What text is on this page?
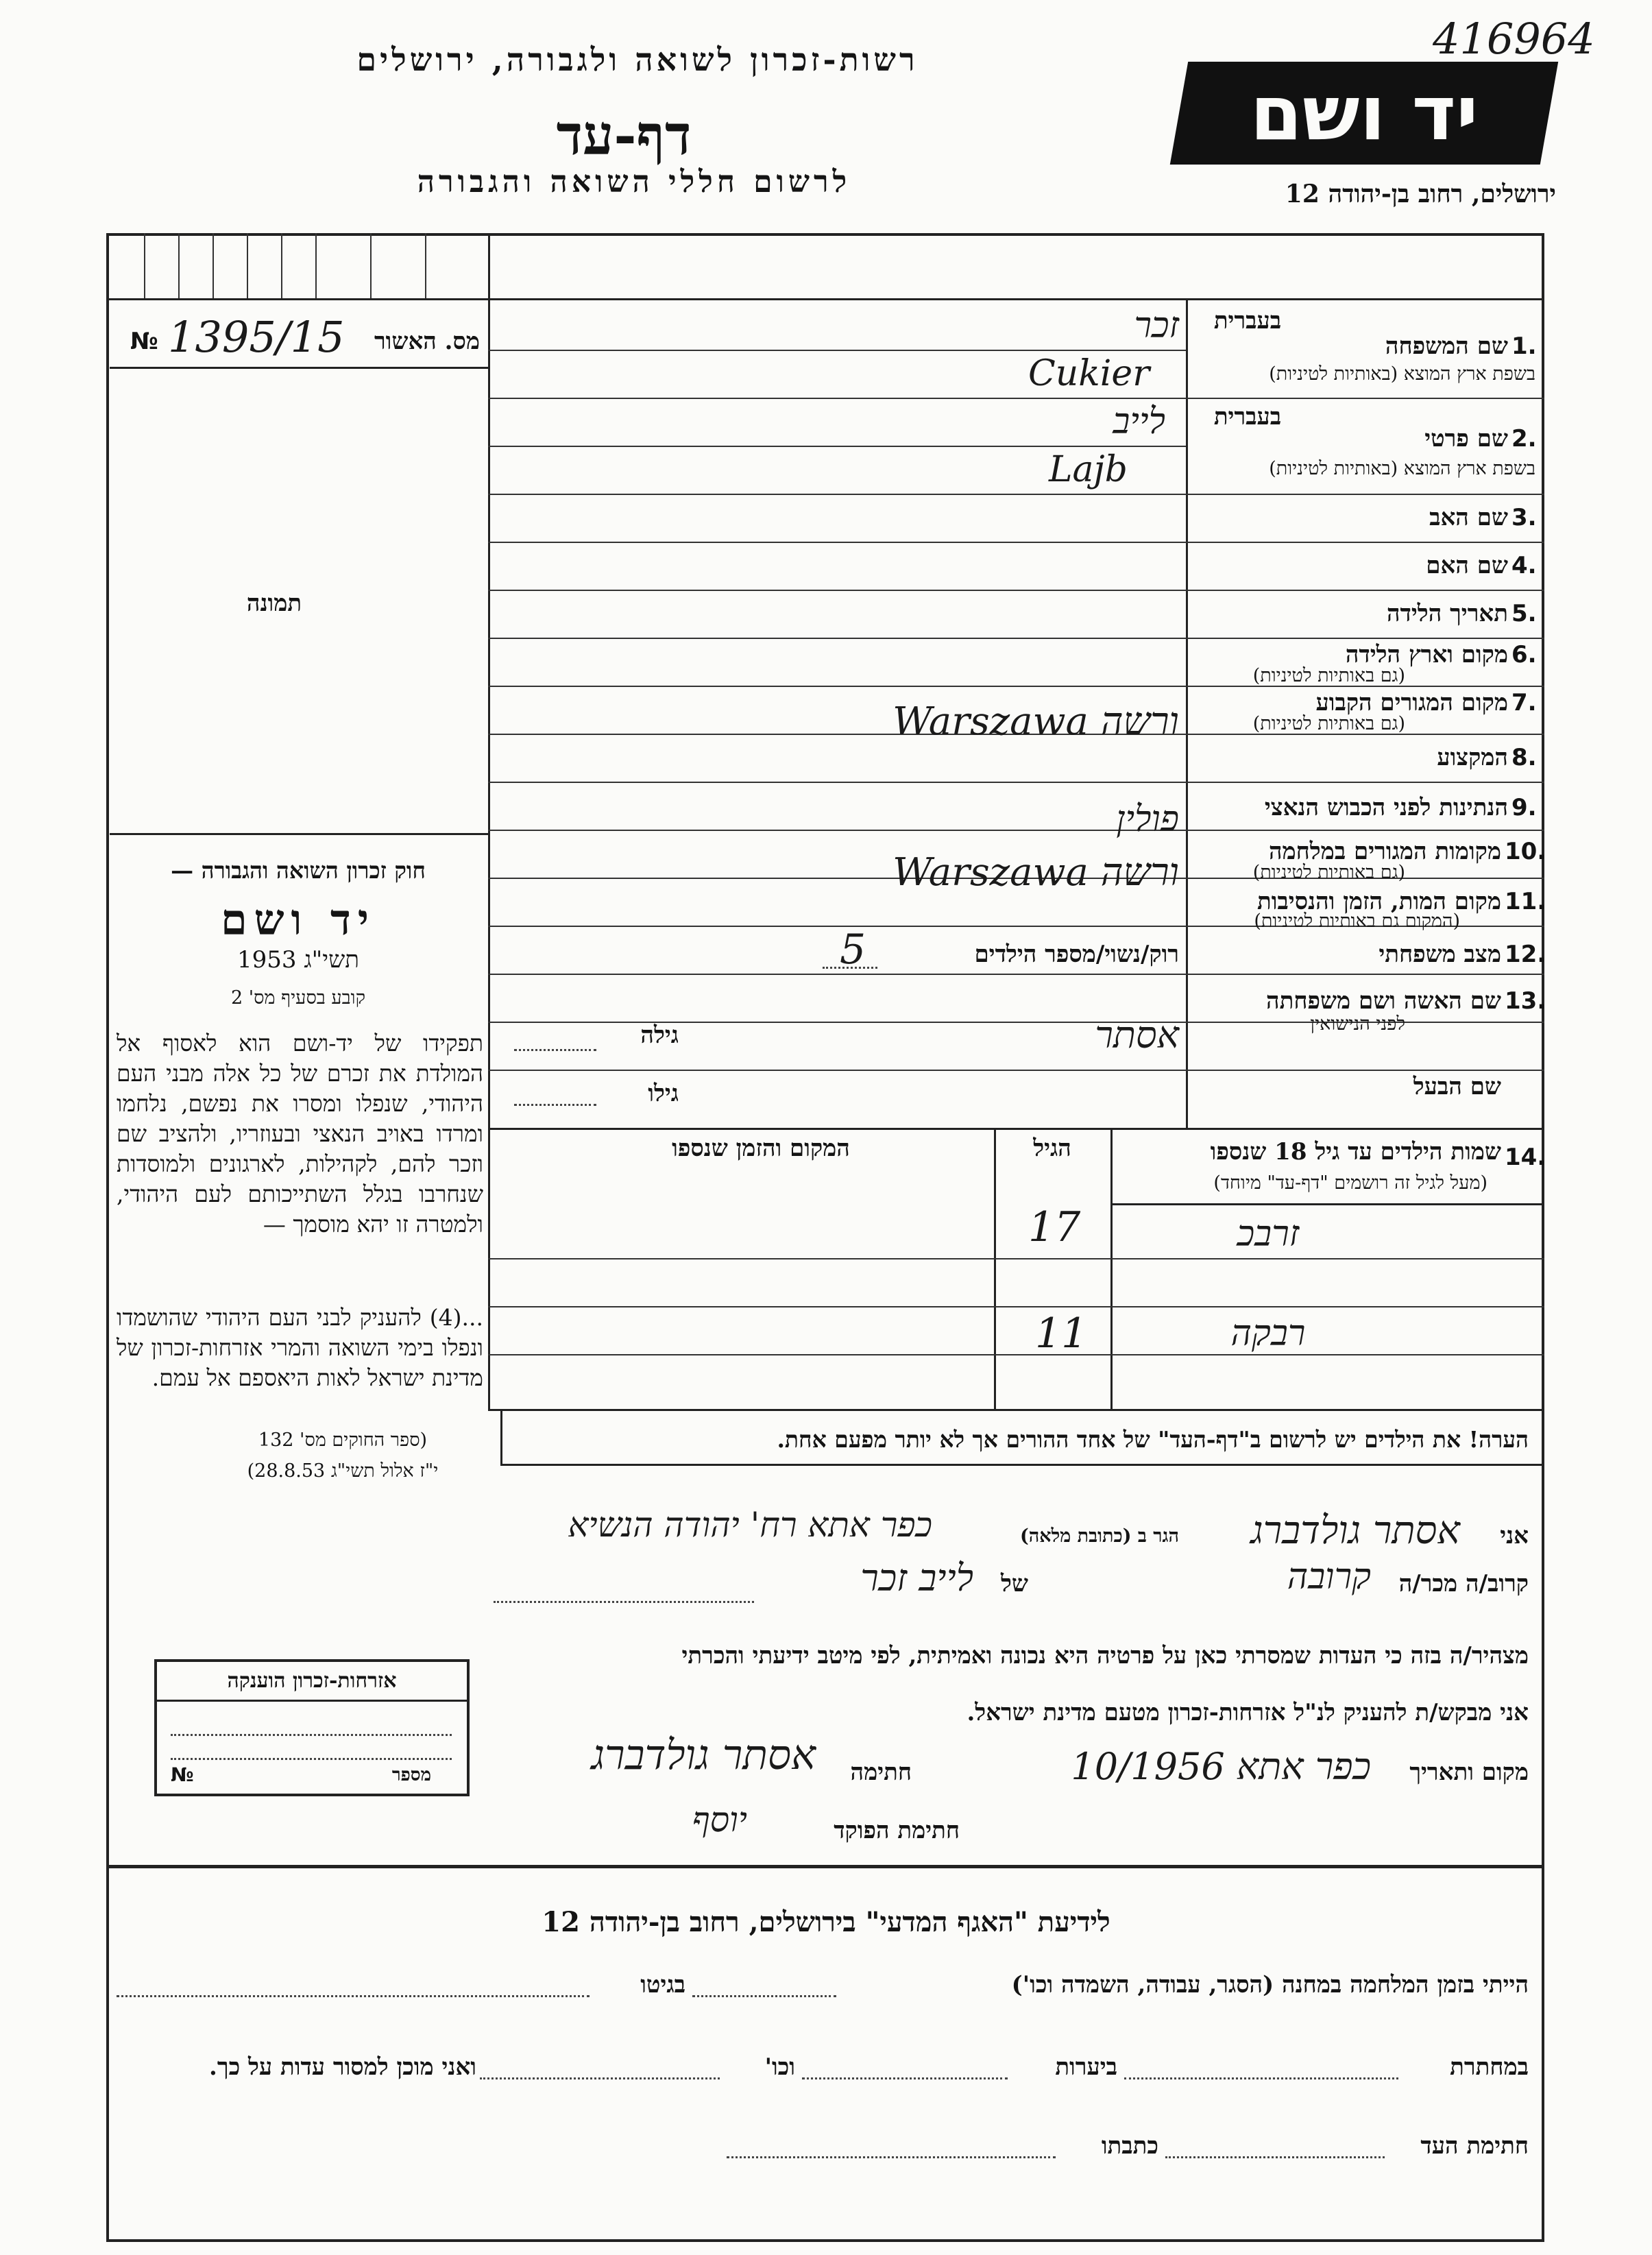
רשות-זכרון לשואה ולגבורה, ירושלים
דף-עד
לרשום חללי השואה והגבורה
יד ושם
416964
ירושלים, רחוב בן-יהודה 12
№ 1395/15	מס. האשור
תמונה
חוק זכרון השואה והגבורה —
יד ושם
תשי"ג 1953
קובע בסעיף מס' 2
תפקידו של יד-ושם הוא לאסוף אל המולדת את זכרם של כל אלה מבני העם היהודי, שנפלו ומסרו את נפשם, נלחמו ומרדו באויב הנאצי ובעוזריו, ולהציב שם וזכר להם, לקהילות, לארגונים ולמוסדות שנחרבו בגלל השתייכותם לעם היהודי, ולמטרה זו יהא מוסמך —
...(4) להעניק לבני העם היהודי שהושמדו ונפלו בימי השואה והמרי אזרחות-זכרון של מדינת ישראל לאות היאספם אל עמם.
(ספר החוקים מס' 132
י"ז אלול תשי"ג 28.8.53)
1.
בעברית
שם המשפחה
בשפת ארץ המוצא (באותיות לטיניות)
זכר
Cukier
2.
בעברית
שם פרטי
בשפת ארץ המוצא (באותיות לטיניות)
לייב
Lajb
3.
שם האב
4.
שם האם
5.
תאריך הלידה
6.
מקום וארץ הלידה
(גם באותיות לטיניות)
7.
מקום המגורים הקבוע
(גם באותיות לטיניות)
ורשה Warszawa
8.
המקצוע
9.
הנתינות לפני הכבוש הנאצי
פולין
10.
מקומות המגורים במלחמה
(גם באותיות לטיניות)
ורשה Warszawa
11.
מקום המות, הזמן והנסיבות
(המקום גם באותיות לטיניות)
12.
מצב משפחתי
רוק/נשוי/מספר הילדים
5
13.
שם האשה ושם משפחתה
לפני הנישואין
אסתר
גילה
שם הבעל
גילו
14.
שמות הילדים עד גיל 18 שנספו
(מעל לגיל זה רושמים "דף-עד" מיוחד)
הגיל
המקום והזמן שנספו
זרבכ
17
רבקה
11
הערה! את הילדים יש לרשום ב"דף-העד" של אחד ההורים אך לא יותר מפעם אחת.
אני
אסתר גולדברג
הגר ב (כתובת מלאה)
כפר אתא רח' יהודה הנשיא
קרוב/ה מכר/ה
קרובה
של
לייב זכר
מצהיר/ה בזה כי העדות שמסרתי כאן על פרטיה היא נכונה ואמיתית, לפי מיטב ידיעתי והכרתי
אני מבקש/ת להעניק לנ"ל אזרחות-זכרון מטעם מדינת ישראל.
מקום ותאריך
כפר אתא 10/1956
חתימה
אסתר גולדברג
חתימת הפוקד
יוסף
אזרחות-זכרון הוענקה
מספר
№
לידיעת "האגף המדעי" בירושלים, רחוב בן-יהודה 12
הייתי בזמן המלחמה במחנה (הסגר, עבודה, השמדה וכו')
בגיטו
במחתרת
ביערות
וכו'
ואני מוכן למסור עדות על כך.
חתימת העד
כתבתו
